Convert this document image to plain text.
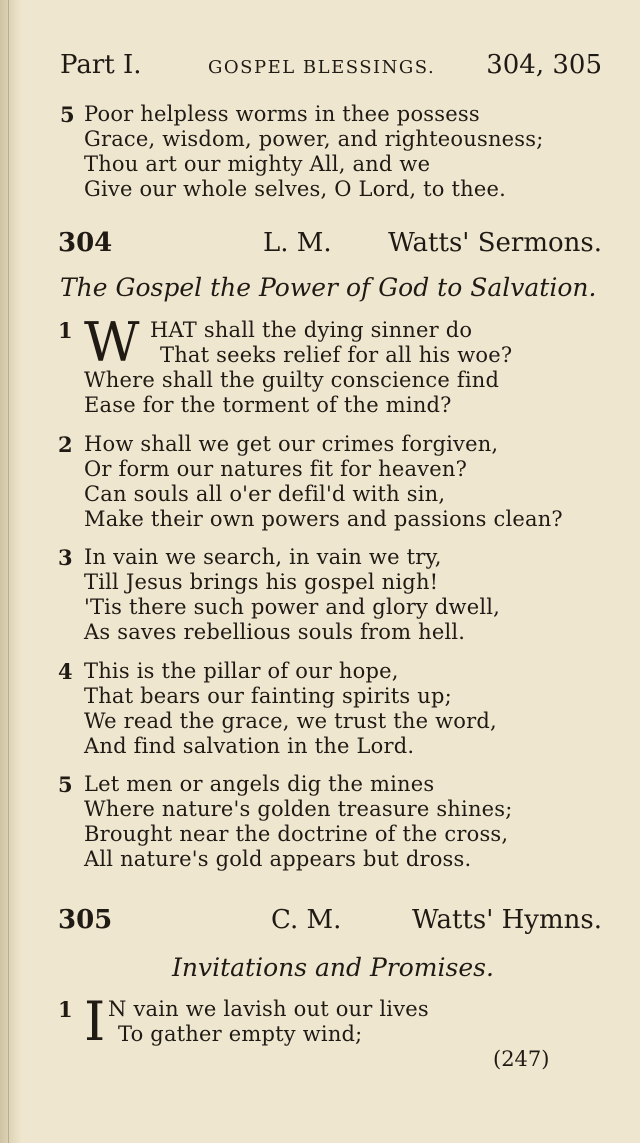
Part I.	GOSPEL BLESSINGS. 304, 305
5 Poor helpless worms in thee possess
Grace, wisdom, power, and righteousness;
Thou art our mighty All, and we
Give our whole selves, O Lord, to thee.
304	L. M. Watts' Sermons.
The Gospel the Power of God to Salvation.
1 W HAT shall the dying sinner do
That seeks relief for all his woe?
Where shall the guilty conscience find
Ease for the torment of the mind?
2 How shall we get our crimes forgiven,
Or form our natures fit for heaven?
Can souls all o'er defil'd with sin,
Make their own powers and passions clean?
3 In vain we search, in vain we try,
Till Jesus brings his gospel nigh!
'Tis there such power and glory dwell,
As saves rebellious souls from hell.
4 This is the pillar of our hope,
That bears our fainting spirits up;
We read the grace, we trust the word,
And find salvation in the Lord.
5 Let men or angels dig the mines
Where nature's golden treasure shines;
Brought near the doctrine of the cross,
All nature's gold appears but dross.
305	C. M.	Watts' Hymns.
Invitations and Promises.
1 I N vain we lavish out our lives
To gather empty wind;
(247)
